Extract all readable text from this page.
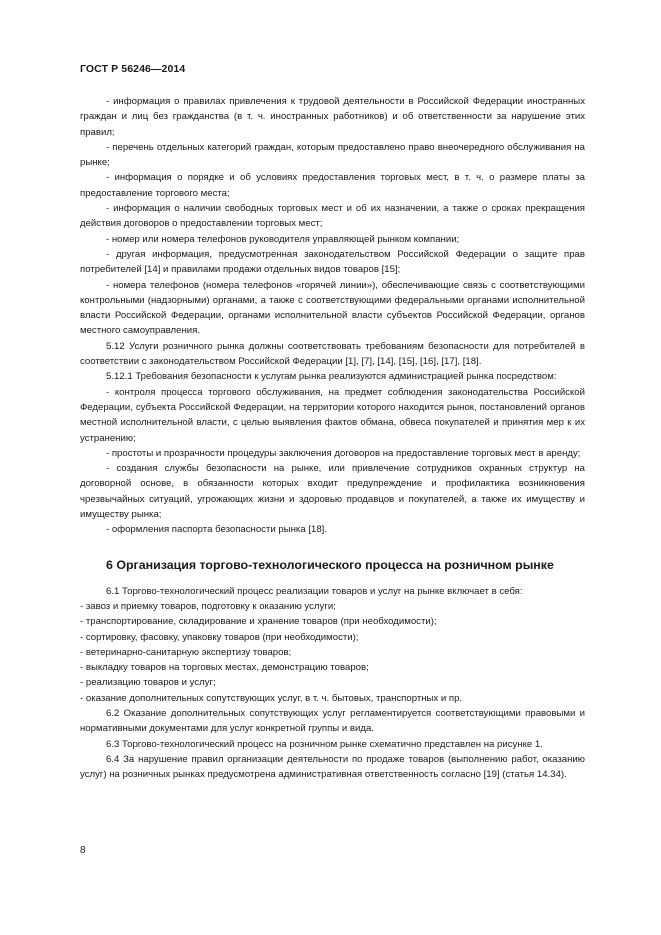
ГОСТ Р 56246—2014

- информация о правилах привлечения к трудовой деятельности в Российской Федерации иностранных граждан и лиц без гражданства (в т. ч. иностранных работников) и об ответственности за нарушение этих правил;

- перечень отдельных категорий граждан, которым предоставлено право внеочередного обслуживания на рынке;

- информация о порядке и об условиях предоставления торговых мест, в т. ч. о размере платы за предоставление торгового места;

- информация о наличии свободных торговых мест и об их назначении, а также о сроках прекращения действия договоров о предоставлении торговых мест;

- номер или номера телефонов руководителя управляющей рынком компании;

- другая информация, предусмотренная законодательством Российской Федерации о защите прав потребителей [14] и правилами продажи отдельных видов товаров [15];

- номера телефонов (номера телефонов «горячей линии»), обеспечивающие связь с соответствующими контрольными (надзорными) органами, а также с соответствующими федеральными органами исполнительной власти Российской Федерации, органами исполнительной власти субъектов Российской Федерации, органов местного самоуправления.

5.12 Услуги розничного рынка должны соответствовать требованиям безопасности для потребителей в соответствии с законодательством Российской Федерации [1], [7], [14], [15], [16], [17], [18].

5.12.1 Требования безопасности к услугам рынка реализуются администрацией рынка посредством:

- контроля процесса торгового обслуживания, на предмет соблюдения законодательства Российской Федерации, субъекта Российской Федерации, на территории которого находится рынок, постановлений органов местной исполнительной власти, с целью выявления фактов обмана, обвеса покупателей и принятия мер к их устранению;

- простоты и прозрачности процедуры заключения договоров на предоставление торговых мест в аренду;

- создания службы безопасности на рынке, или привлечение сотрудников охранных структур на договорной основе, в обязанности которых входит предупреждение и профилактика возникновения чрезвычайных ситуаций, угрожающих жизни и здоровью продавцов и покупателей, а также их имуществу и имуществу рынка;

- оформления паспорта безопасности рынка [18].

6 Организация торгово-технологического процесса на розничном рынке

6.1 Торгово-технологический процесс реализации товаров и услуг на рынке включает в себя:

- завоз и приемку товаров, подготовку к оказанию услуги;

- транспортирование, складирование и хранение товаров (при необходимости);

- сортировку, фасовку, упаковку товаров (при необходимости);

- ветеринарно-санитарную экспертизу товаров;

- выкладку товаров на торговых местах, демонстрацию товаров;

- реализацию товаров и услуг;

- оказание дополнительных сопутствующих услуг, в т. ч. бытовых, транспортных и пр.

6.2 Оказание дополнительных сопутствующих услуг регламентируется соответствующими правовыми и нормативными документами для услуг конкретной группы и вида.

6.3 Торгово-технологический процесс на розничном рынке схематично представлен на рисунке 1.

6.4 За нарушение правил организации деятельности по продаже товаров (выполнению работ, оказанию услуг) на розничных рынках предусмотрена административная ответственность согласно [19] (статья 14.34).

8
